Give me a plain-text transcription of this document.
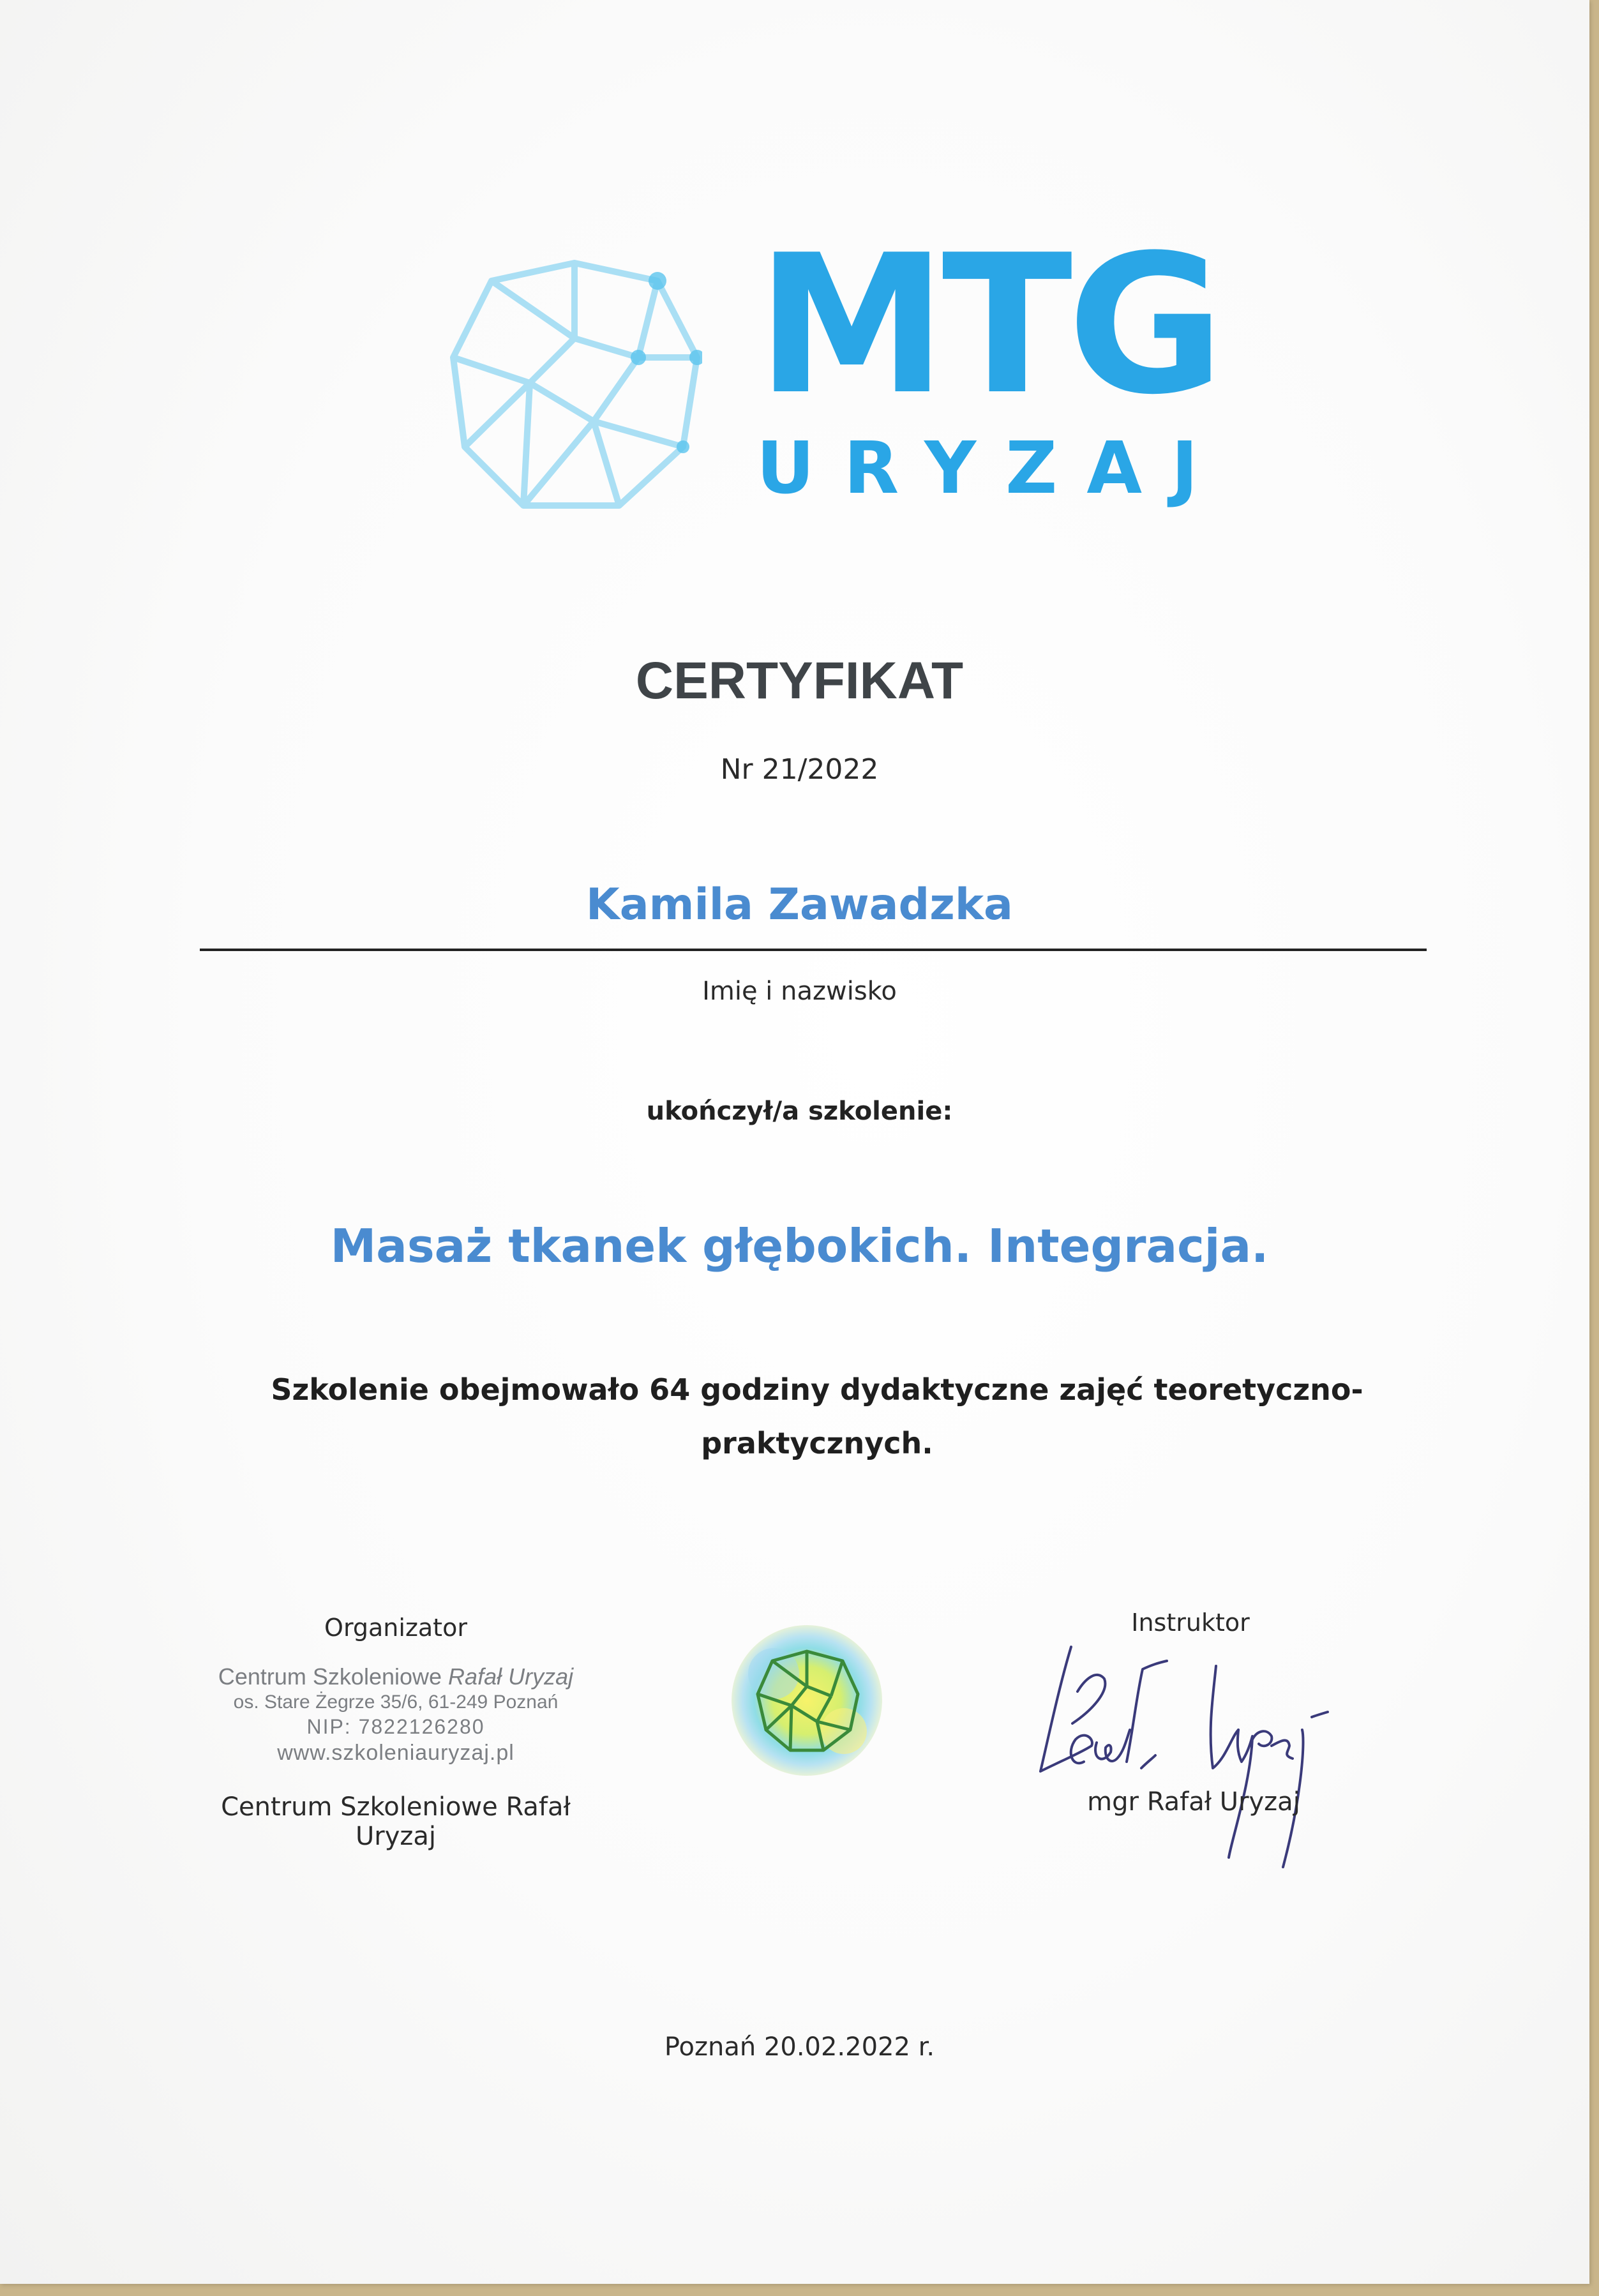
MTG
URYZAJ
CERTYFIKAT
Nr 21/2022
Kamila Zawadzka
Imię i nazwisko
ukończył/a szkolenie:
Masaż tkanek głębokich. Integracja.
Szkolenie obejmowało 64 godziny dydaktyczne zajęć teoretyczno-praktycznych.
Organizator
Centrum Szkoleniowe Rafał Uryzaj
os. Stare Żegrze 35/6, 61-249 Poznań
NIP: 7822126280
www.szkoleniauryzaj.pl
Centrum Szkoleniowe Rafał Uryzaj
Instruktor
mgr Rafał Uryzaj
Poznań 20.02.2022 r.
